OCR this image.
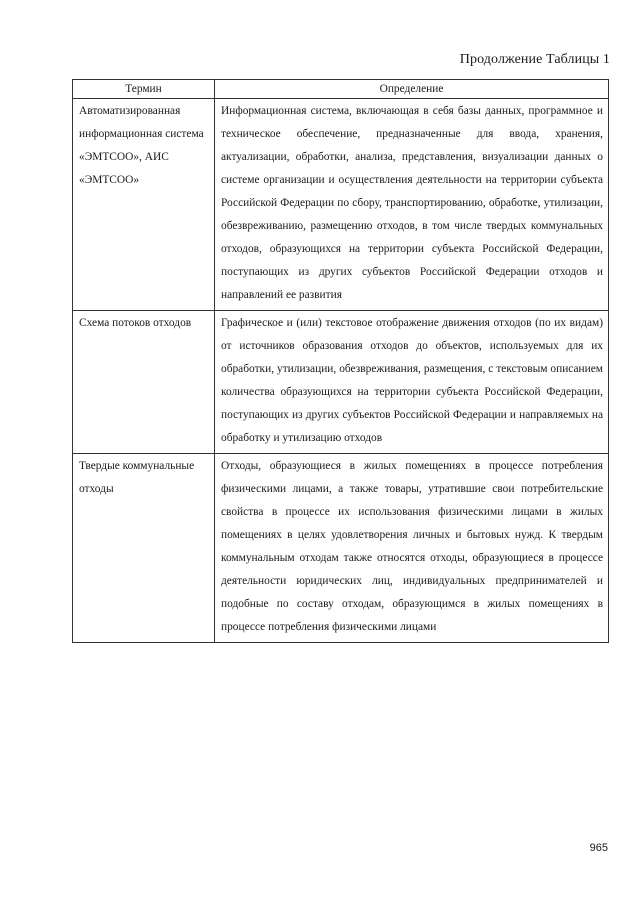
Продолжение Таблицы 1
Термин	Определение
Автоматизированная информационная система «ЭМТСОО», АИС «ЭМТСОО»	Информационная система, включающая в себя базы данных, программное и техническое обеспечение, предназначенные для ввода, хранения, актуализации, обработки, анализа, представления, визуализации данных о системе организации и осуществления деятельности на территории субъекта Российской Федерации по сбору, транспортированию, обработке, утилизации, обезвреживанию, размещению отходов, в том числе твердых коммунальных отходов, образующихся на территории субъекта Российской Федерации, поступающих из других субъектов Российской Федерации отходов и направлений ее развития
Схема потоков отходов	Графическое и (или) текстовое отображение движения отходов (по их видам) от источников образования отходов до объектов, используемых для их обработки, утилизации, обезвреживания, размещения, с текстовым описанием количества образующихся на территории субъекта Российской Федерации, поступающих из других субъектов Российской Федерации и направляемых на обработку и утилизацию отходов
Твердые коммунальные отходы	Отходы, образующиеся в жилых помещениях в процессе потребления физическими лицами, а также товары, утратившие свои потребительские свойства в процессе их использования физическими лицами в жилых помещениях в целях удовлетворения личных и бытовых нужд. К твердым коммунальным отходам также относятся отходы, образующиеся в процессе деятельности юридических лиц, индивидуальных предпринимателей и подобные по составу отходам, образующимся в жилых помещениях в процессе потребления физическими лицами
965
